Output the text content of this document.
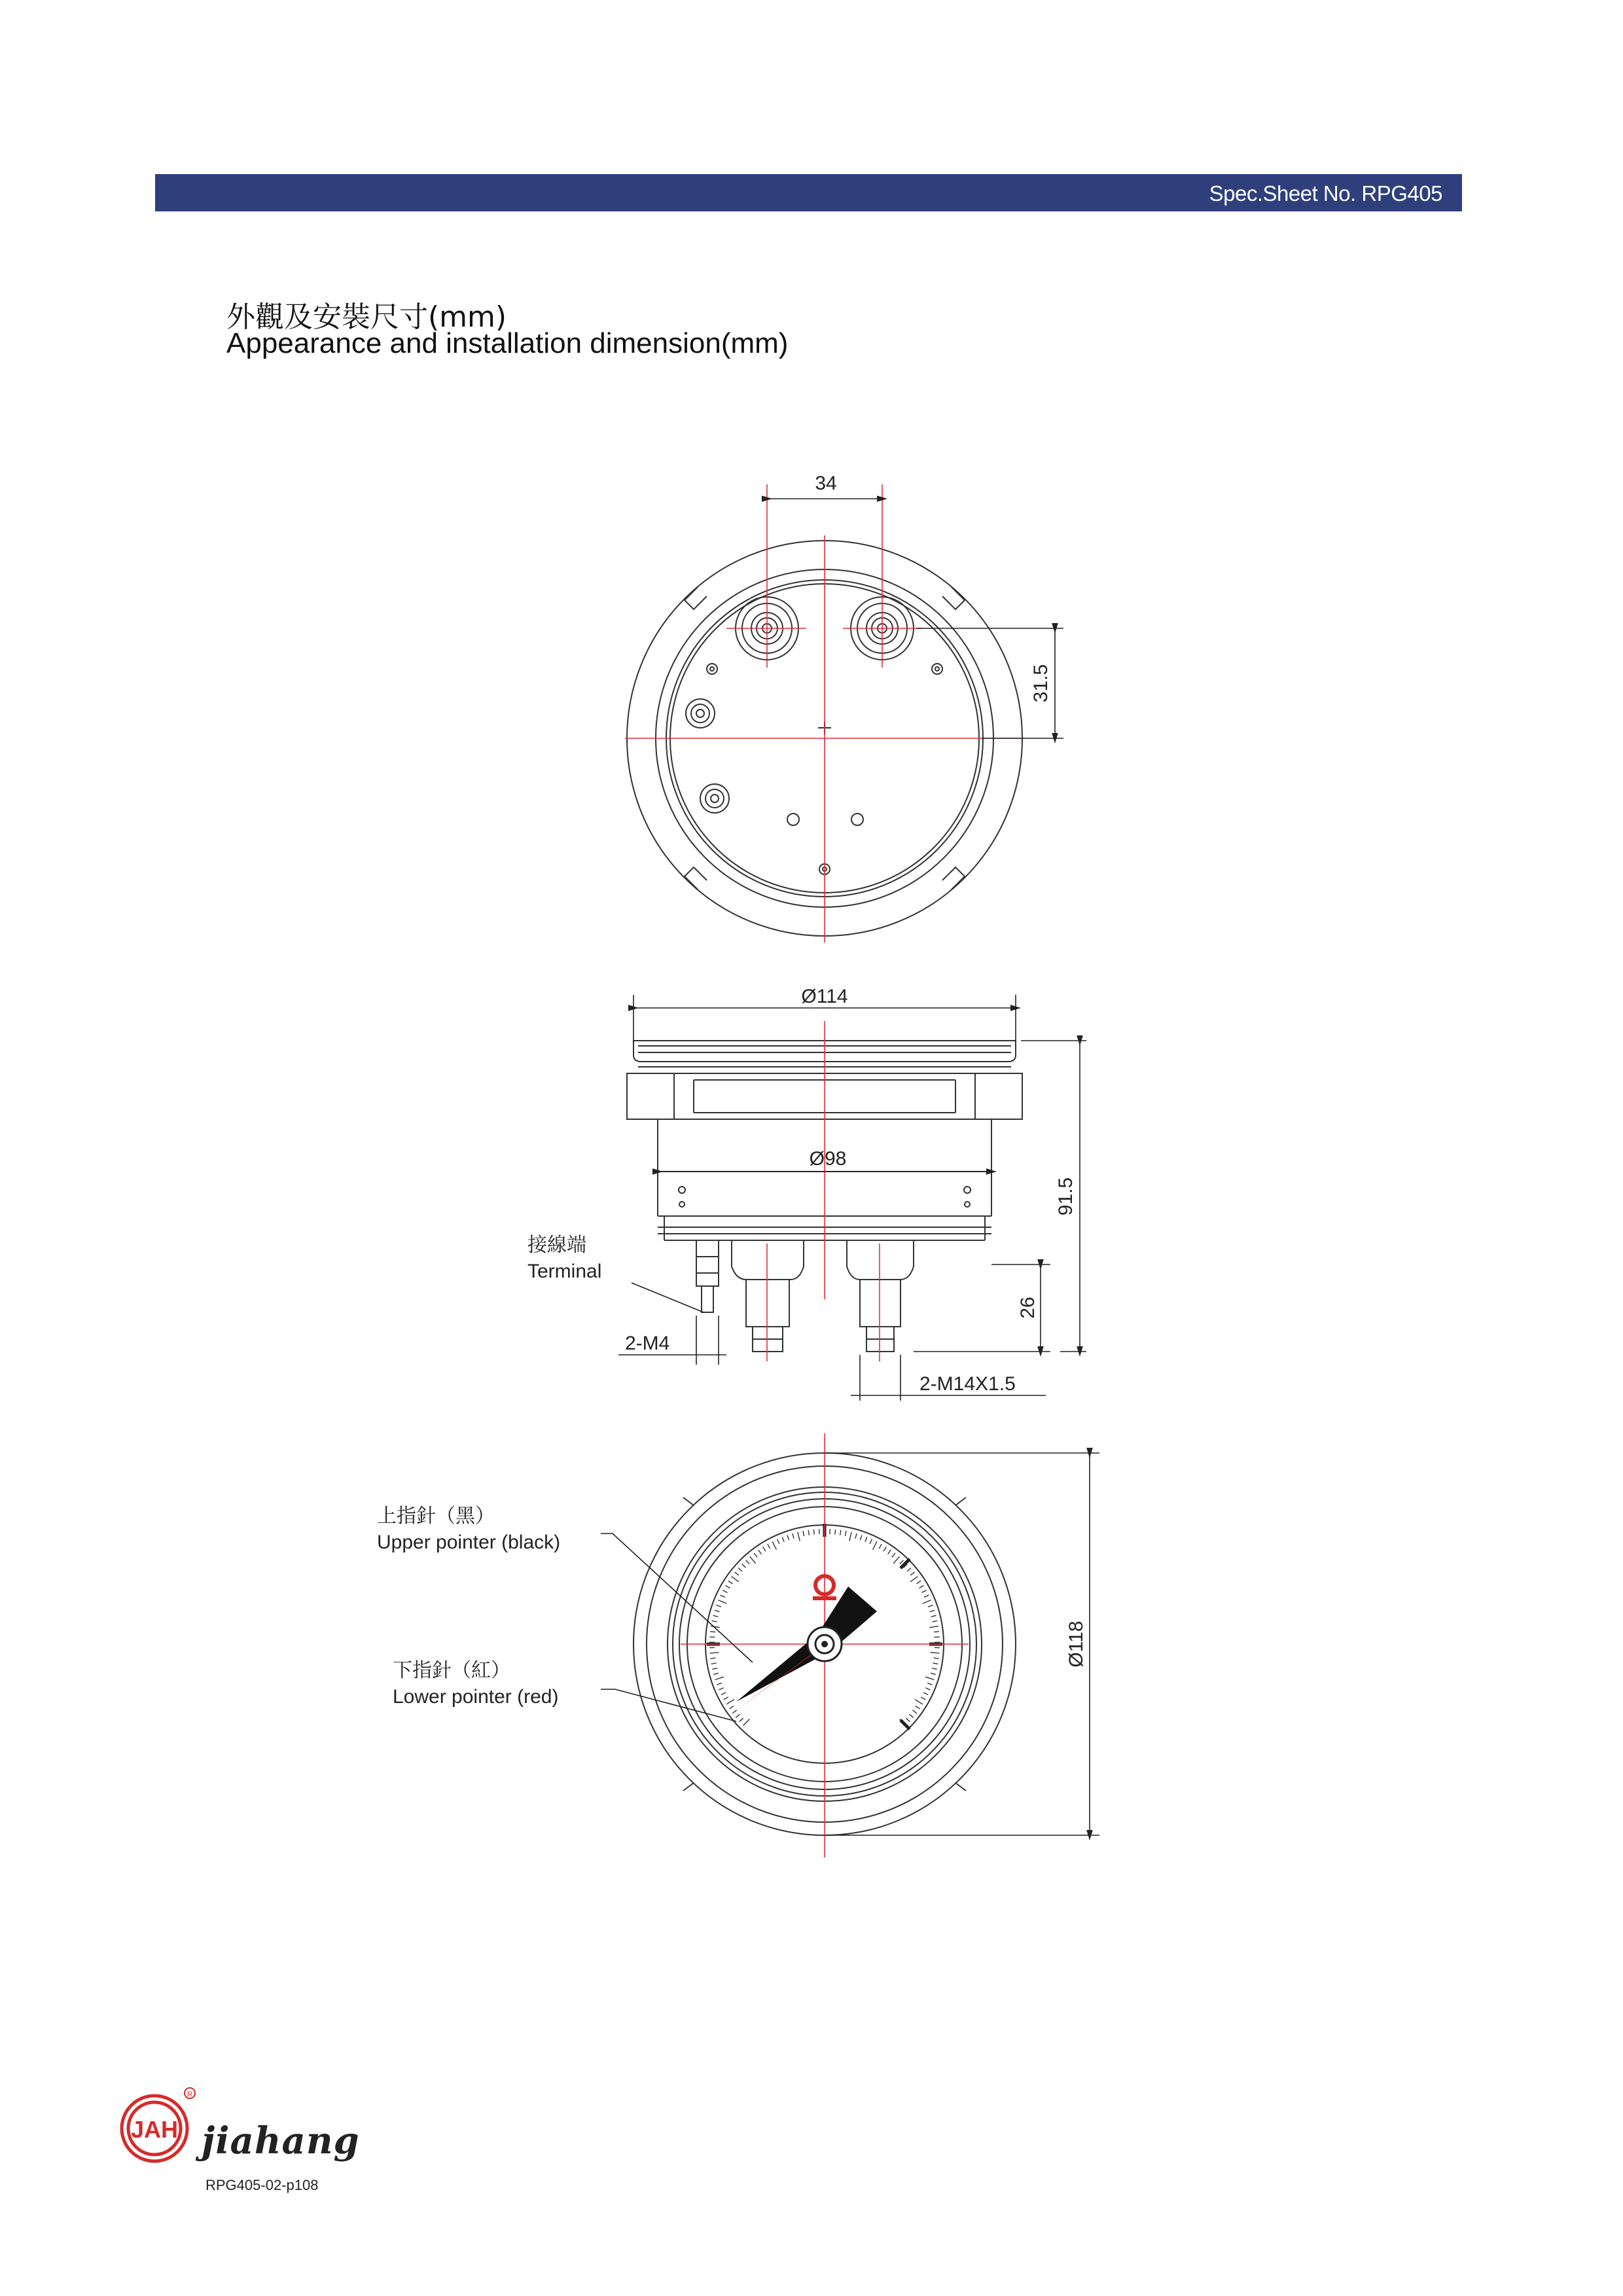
Spec.Sheet No. RPG405
外觀及安裝尺寸(mm)
Appearance and installation dimension(mm)
34
31.5
Ø114
Ø98
91.5
26
2-M4
2-M14X1.5
Ø118
接線端
Terminal
上指針（黑）
Upper pointer (black)
下指針（紅）
Lower pointer (red)
JAH
R
jiahang
RPG405-02-p108
